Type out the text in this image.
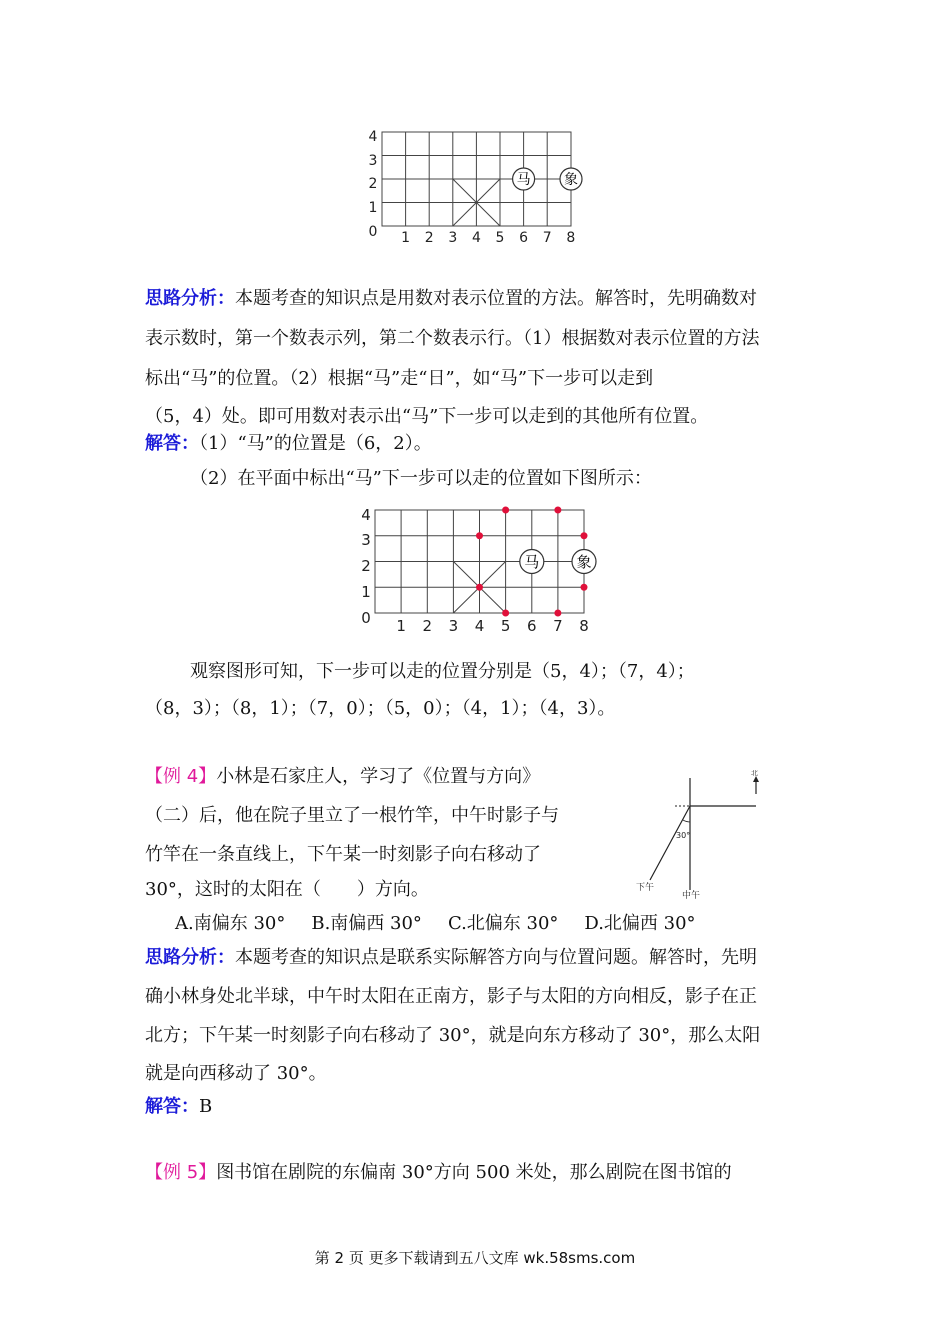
1 2 3 4 5 6 7 8
0
1
2
3
4
马 象
思路分析：本题考查的知识点是用数对表示位置的方法。解答时，先明确数对
表示数时，第一个数表示列，第二个数表示行。（1）根据数对表示位置的方法
标出“马”的位置。（2）根据“马”走“日”，如“马”下一步可以走到
（5，4）处。即可用数对表示出“马”下一步可以走到的其他所有位置。
解答：（1）“马”的位置是（6，2）。
（2）在平面中标出“马”下一步可以走的位置如下图所示：
1 2 3 4 5 6 7 8
0
1
2
3
4
马 象
观察图形可知，下一步可以走的位置分别是（5，4）；（7，4）；
（8，3）；（8，1）；（7，0）；（5，0）；（4，1）；（4，3）。
【例 4】小林是石家庄人，学习了《位置与方向》
（二）后，他在院子里立了一根竹竿，中午时影子与
竹竿在一条直线上，下午某一时刻影子向右移动了
30°，这时的太阳在（　　）方向。
A.南偏东 30° B.南偏西 30° C.北偏东 30° D.北偏西 30°
30°
北
下午
中午
思路分析：本题考查的知识点是联系实际解答方向与位置问题。解答时，先明
确小林身处北半球，中午时太阳在正南方，影子与太阳的方向相反，影子在正
北方；下午某一时刻影子向右移动了 30°，就是向东方移动了 30°，那么太阳
就是向西移动了 30°。
解答：B
【例 5】图书馆在剧院的东偏南 30°方向 500 米处，那么剧院在图书馆的
第 2 页 更多下载请到五八文库 wk.58sms.com
